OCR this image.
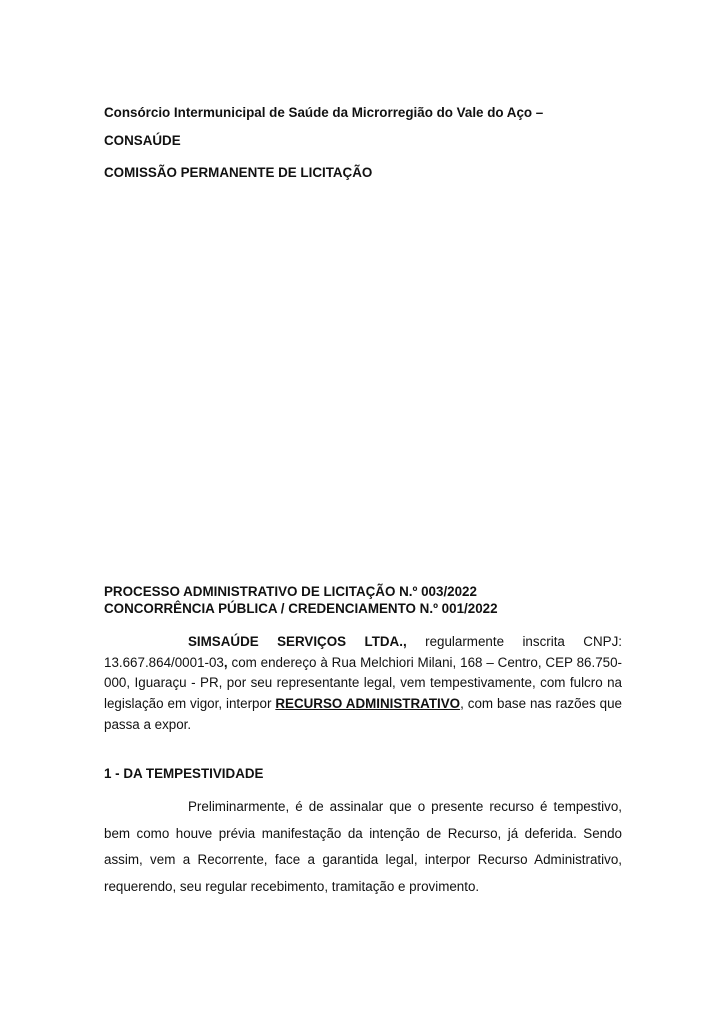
Consórcio Intermunicipal de Saúde da Microrregião do Vale do Aço –
CONSAÚDE
COMISSÃO PERMANENTE DE LICITAÇÃO
PROCESSO ADMINISTRATIVO DE LICITAÇÃO N.º 003/2022
CONCORRÊNCIA PÚBLICA / CREDENCIAMENTO N.º 001/2022
SIMSAÚDE SERVIÇOS LTDA., regularmente inscrita CNPJ: 13.667.864/0001-03, com endereço à Rua Melchiori Milani, 168 – Centro, CEP 86.750-000, Iguaraçu - PR, por seu representante legal, vem tempestivamente, com fulcro na legislação em vigor, interpor RECURSO ADMINISTRATIVO, com base nas razões que passa a expor.
1 - DA TEMPESTIVIDADE
Preliminarmente, é de assinalar que o presente recurso é tempestivo, bem como houve prévia manifestação da intenção de Recurso, já deferida. Sendo assim, vem a Recorrente, face a garantida legal, interpor Recurso Administrativo, requerendo, seu regular recebimento, tramitação e provimento.
